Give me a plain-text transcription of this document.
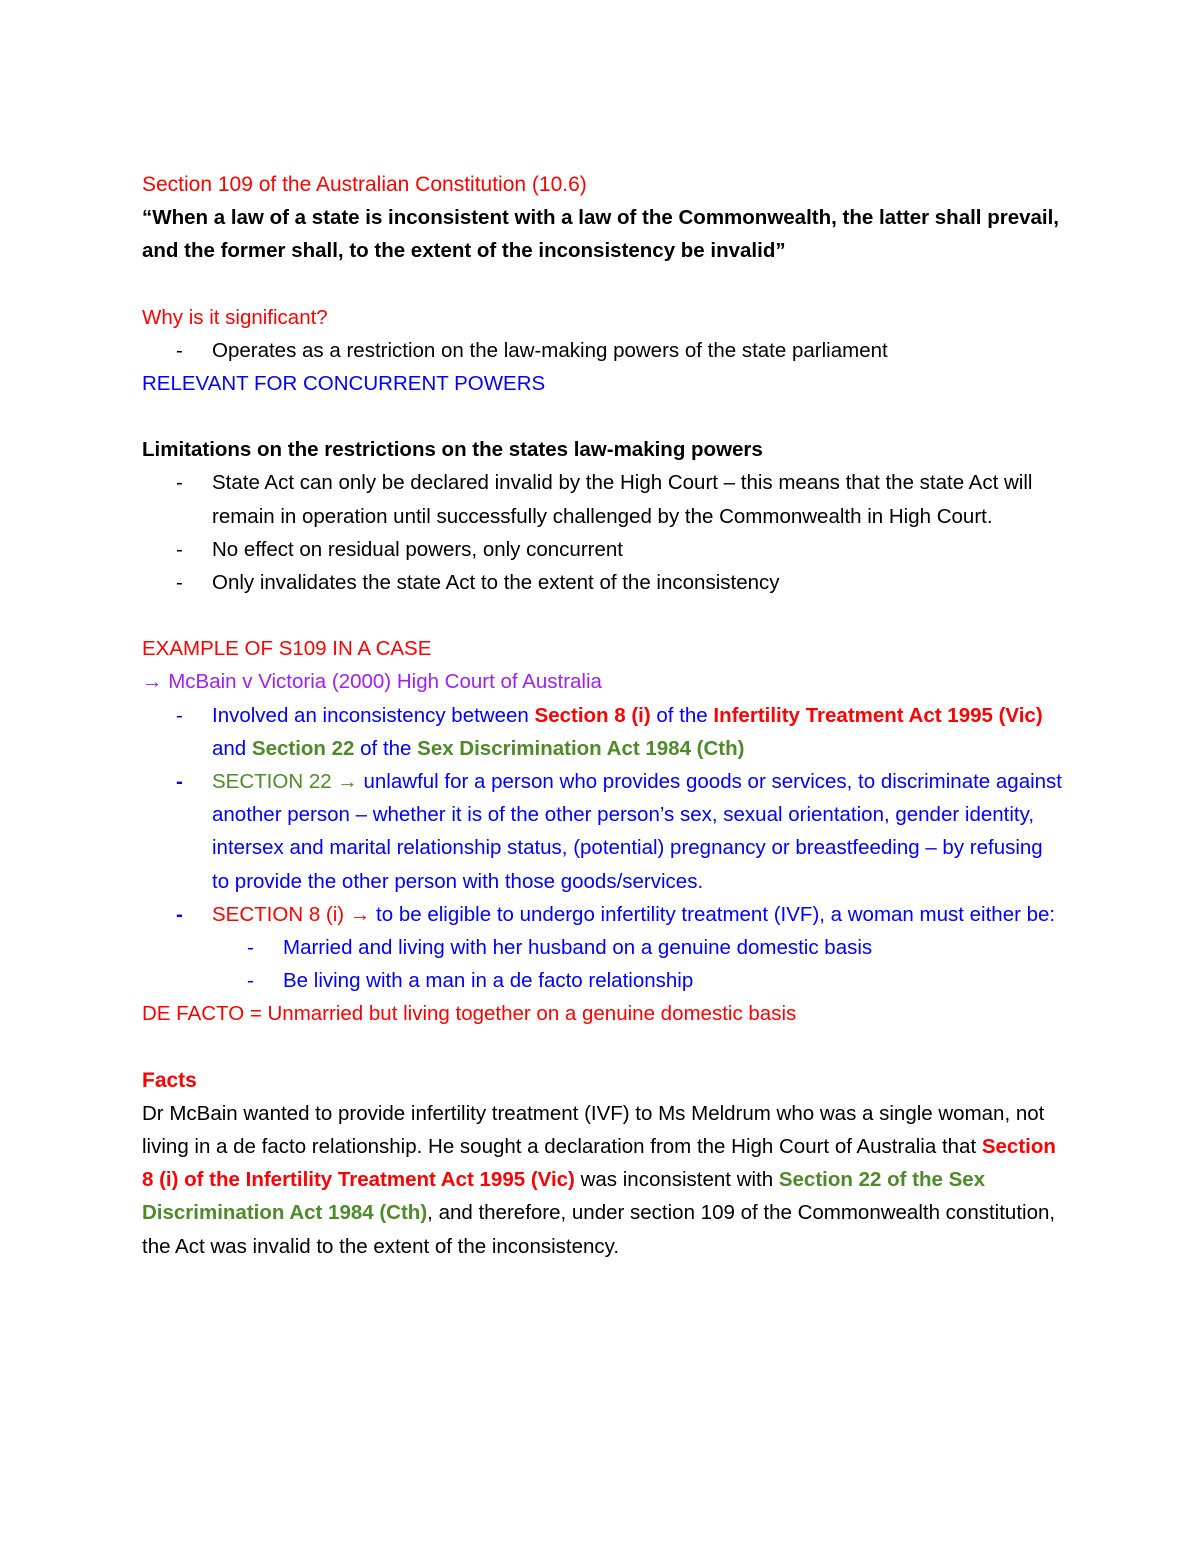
Section 109 of the Australian Constitution (10.6)

“When a law of a state is inconsistent with a law of the Commonwealth, the latter shall prevail, and the former shall, to the extent of the inconsistency be invalid”

Why is it significant?

- Operates as a restriction on the law-making powers of the state parliament

RELEVANT FOR CONCURRENT POWERS

Limitations on the restrictions on the states law-making powers

- State Act can only be declared invalid by the High Court – this means that the state Act will remain in operation until successfully challenged by the Commonwealth in High Court.
- No effect on residual powers, only concurrent
- Only invalidates the state Act to the extent of the inconsistency

EXAMPLE OF S109 IN A CASE

→ McBain v Victoria (2000) High Court of Australia

- Involved an inconsistency between Section 8 (i) of the Infertility Treatment Act 1995 (Vic) and Section 22 of the Sex Discrimination Act 1984 (Cth)
- SECTION 22 → unlawful for a person who provides goods or services, to discriminate against another person – whether it is of the other person’s sex, sexual orientation, gender identity, intersex and marital relationship status, (potential) pregnancy or breastfeeding – by refusing to provide the other person with those goods/services.
- SECTION 8 (i) → to be eligible to undergo infertility treatment (IVF), a woman must either be:
- Married and living with her husband on a genuine domestic basis
- Be living with a man in a de facto relationship

DE FACTO = Unmarried but living together on a genuine domestic basis

Facts

Dr McBain wanted to provide infertility treatment (IVF) to Ms Meldrum who was a single woman, not living in a de facto relationship. He sought a declaration from the High Court of Australia that Section 8 (i) of the Infertility Treatment Act 1995 (Vic) was inconsistent with Section 22 of the Sex Discrimination Act 1984 (Cth), and therefore, under section 109 of the Commonwealth constitution, the Act was invalid to the extent of the inconsistency.
